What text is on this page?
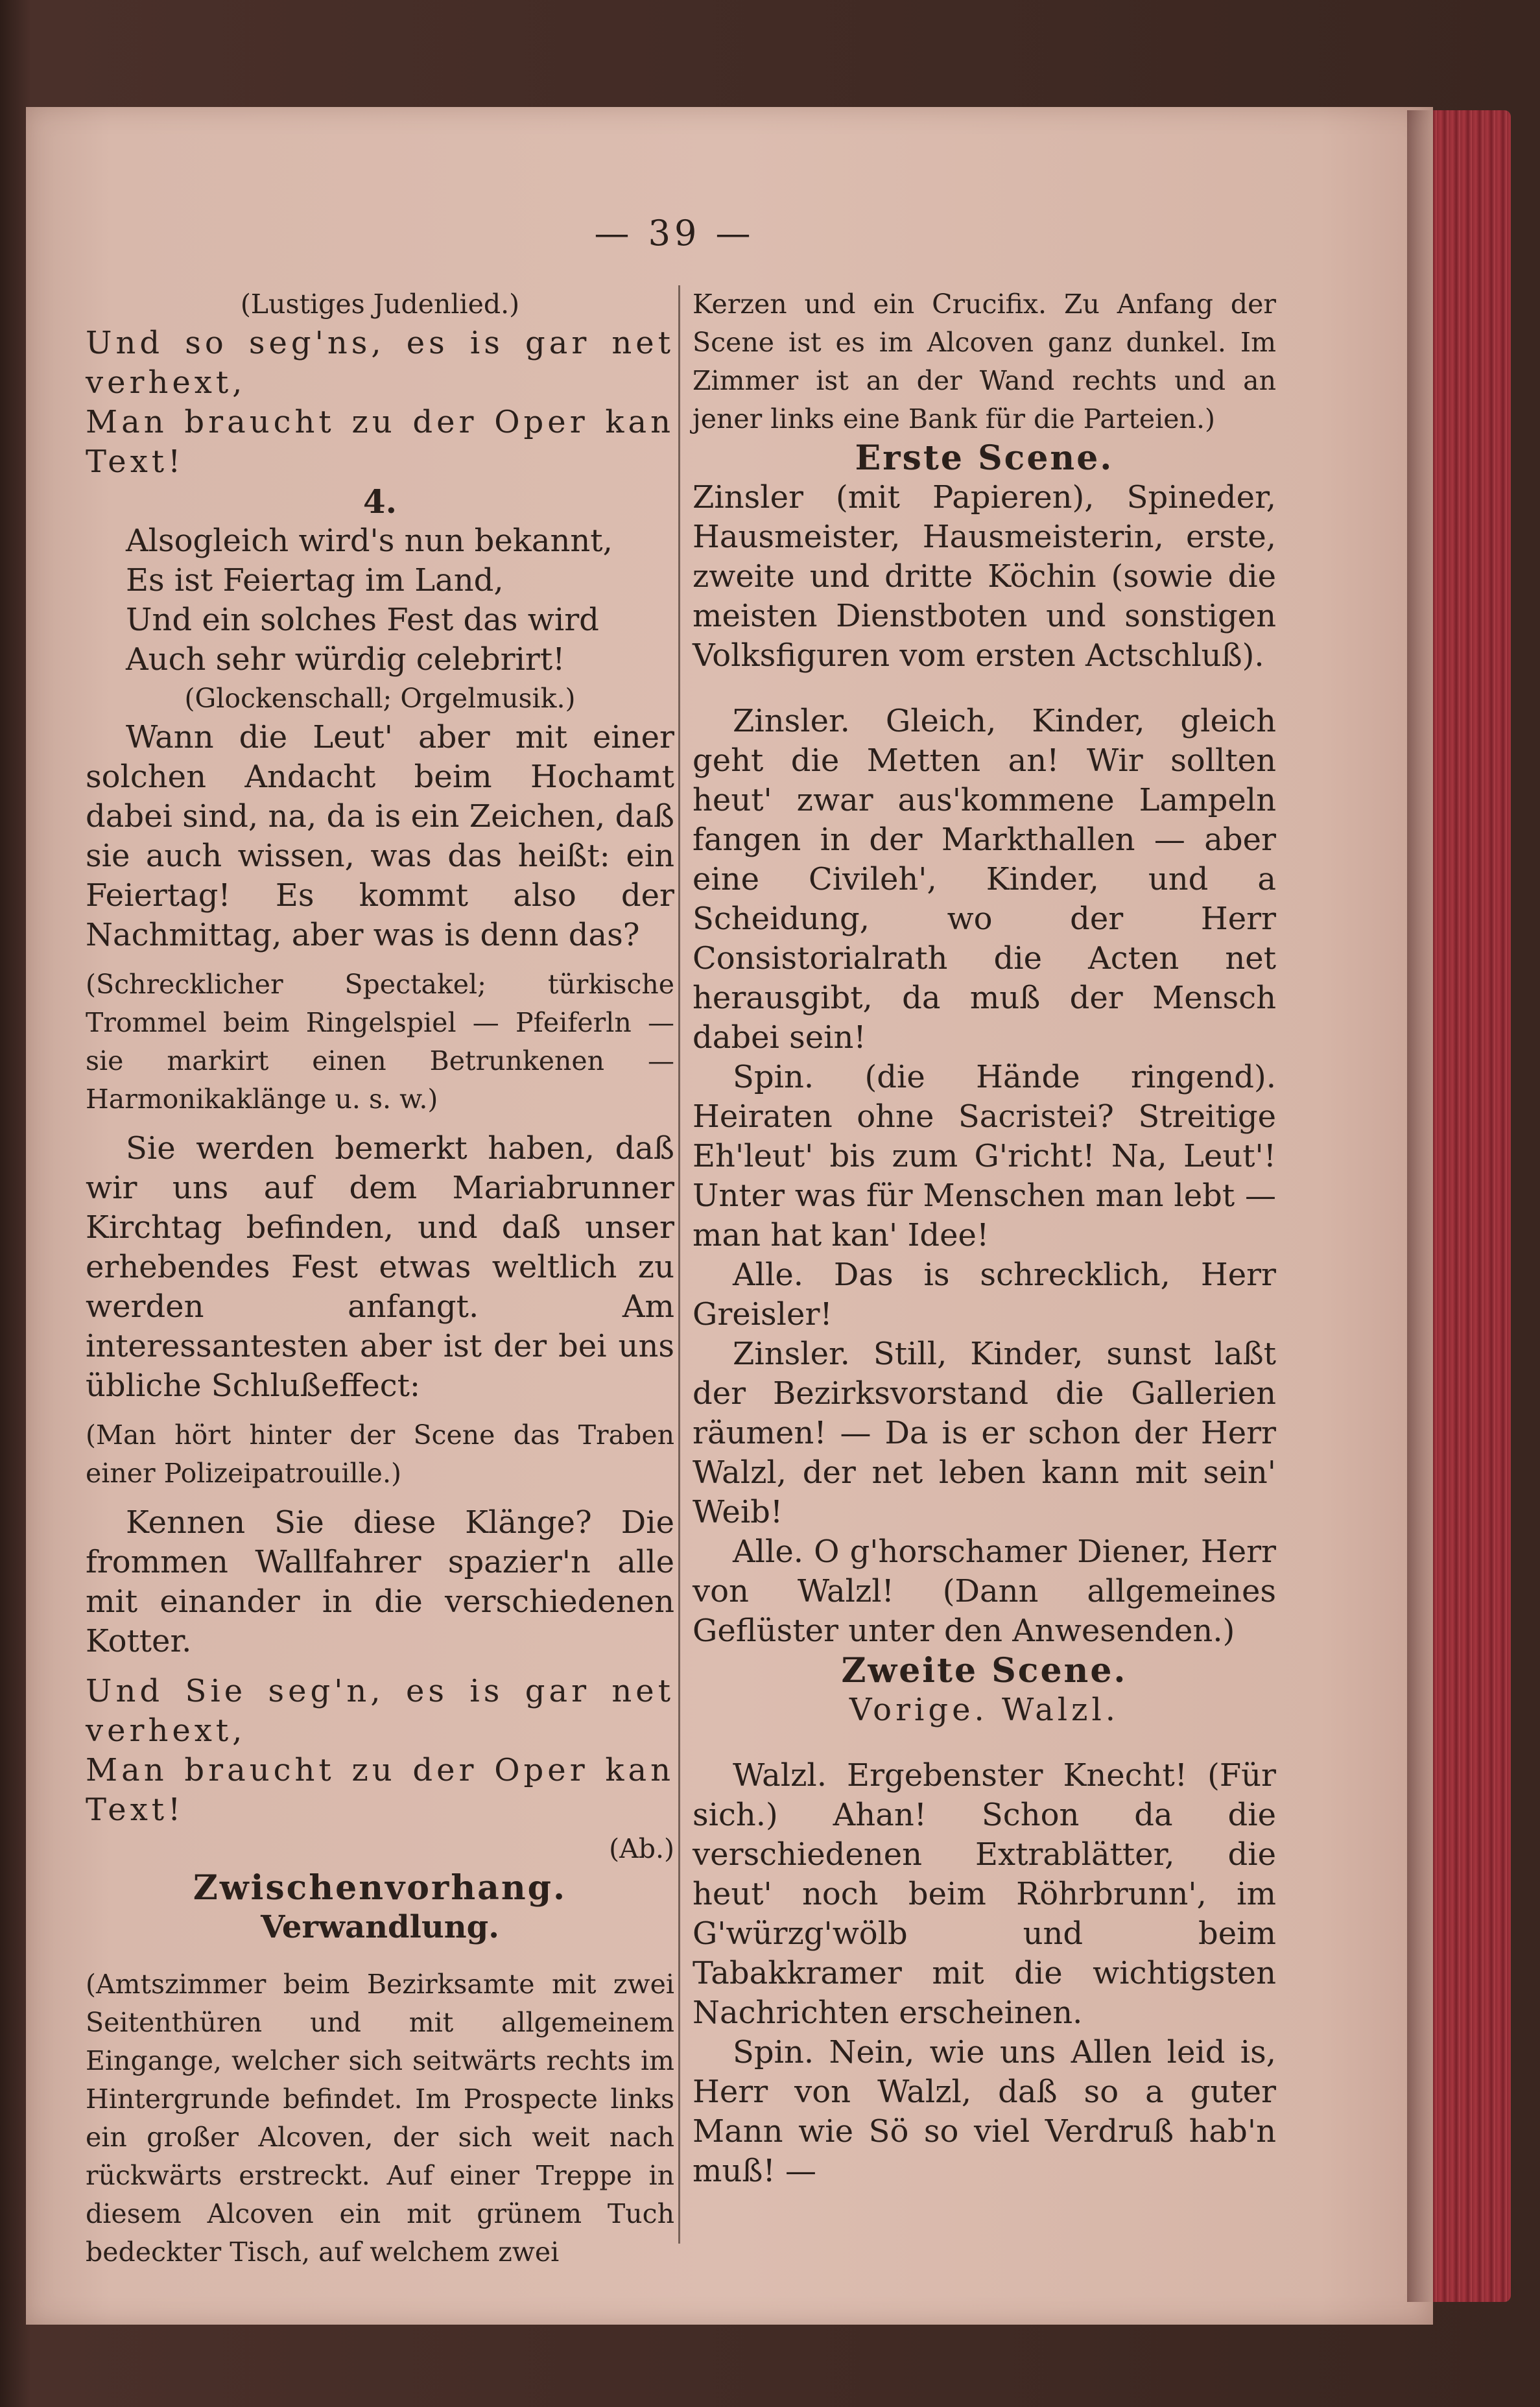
— 39 —

(Lustiges Judenlied.)

Und so seg'ns, es is gar net verhext,

Man braucht zu der Oper kan Text!

4.

Alsogleich wird's nun bekannt,
Es ist Feiertag im Land,
Und ein solches Fest das wird
Auch sehr würdig celebrirt!

(Glockenschall; Orgelmusik.)

Wann die Leut' aber mit einer solchen Andacht beim Hochamt dabei sind, na, da is ein Zeichen, daß sie auch wissen, was das heißt: ein Feiertag! Es kommt also der Nachmittag, aber was is denn das?

(Schrecklicher Spectakel; türkische Trommel beim Ringelspiel — Pfeiferln — sie markirt einen Betrunkenen — Harmonikaklänge u. s. w.)

Sie werden bemerkt haben, daß wir uns auf dem Mariabrunner Kirchtag befinden, und daß unser erhebendes Fest etwas weltlich zu werden anfangt. Am interessantesten aber ist der bei uns übliche Schlußeffect:

(Man hört hinter der Scene das Traben einer Polizeipatrouille.)

Kennen Sie diese Klänge? Die frommen Wallfahrer spazier'n alle mit einander in die verschiedenen Kotter.

Und Sie seg'n, es is gar net verhext,

Man braucht zu der Oper kan Text!

(Ab.)

Zwischenvorhang.

Verwandlung.

(Amtszimmer beim Bezirksamte mit zwei Seitenthüren und mit allgemeinem Eingange, welcher sich seitwärts rechts im Hintergrunde befindet. Im Prospecte links ein großer Alcoven, der sich weit nach rückwärts erstreckt. Auf einer Treppe in diesem Alcoven ein mit grünem Tuch bedeckter Tisch, auf welchem zwei

Kerzen und ein Crucifix. Zu Anfang der Scene ist es im Alcoven ganz dunkel. Im Zimmer ist an der Wand rechts und an jener links eine Bank für die Parteien.)

Erste Scene.

Zinsler (mit Papieren), Spineder, Hausmeister, Hausmeisterin, erste, zweite und dritte Köchin (sowie die meisten Dienstboten und sonstigen Volksfiguren vom ersten Actschluß).

Zinsler. Gleich, Kinder, gleich geht die Metten an! Wir sollten heut' zwar aus'kommene Lampeln fangen in der Markthallen — aber eine Civileh', Kinder, und a Scheidung, wo der Herr Consistorialrath die Acten net herausgibt, da muß der Mensch dabei sein!

Spin. (die Hände ringend). Heiraten ohne Sacristei? Streitige Eh'leut' bis zum G'richt! Na, Leut'! Unter was für Menschen man lebt — man hat kan' Idee!

Alle. Das is schrecklich, Herr Greisler!

Zinsler. Still, Kinder, sunst laßt der Bezirksvorstand die Gallerien räumen! — Da is er schon der Herr Walzl, der net leben kann mit sein' Weib!

Alle. O g'horschamer Diener, Herr von Walzl! (Dann allgemeines Geflüster unter den Anwesenden.)

Zweite Scene.

Vorige. Walzl.

Walzl. Ergebenster Knecht! (Für sich.) Ahan! Schon da die verschiedenen Extrablätter, die heut' noch beim Röhrbrunn', im G'würzg'wölb und beim Tabakkramer mit die wichtigsten Nachrichten erscheinen.

Spin. Nein, wie uns Allen leid is, Herr von Walzl, daß so a guter Mann wie Sö so viel Verdruß hab'n muß! —
